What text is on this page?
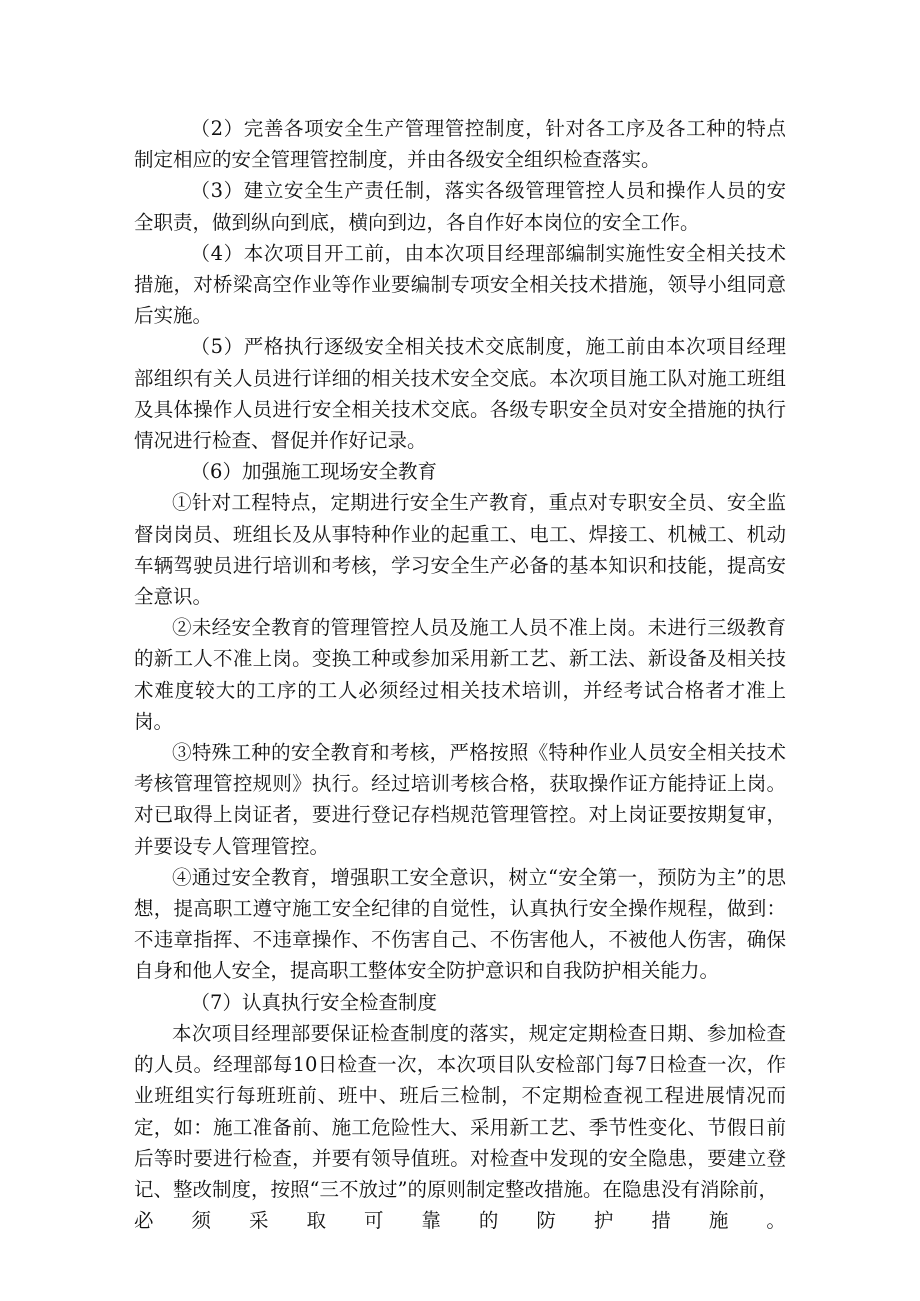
（2）完善各项安全生产管理管控制度，针对各工序及各工种的特点制定相应的安全管理管控制度，并由各级安全组织检查落实。

（3）建立安全生产责任制，落实各级管理管控人员和操作人员的安全职责，做到纵向到底，横向到边，各自作好本岗位的安全工作。

（4）本次项目开工前，由本次项目经理部编制实施性安全相关技术措施，对桥梁高空作业等作业要编制专项安全相关技术措施，领导小组同意后实施。

（5）严格执行逐级安全相关技术交底制度，施工前由本次项目经理部组织有关人员进行详细的相关技术安全交底。本次项目施工队对施工班组及具体操作人员进行安全相关技术交底。各级专职安全员对安全措施的执行情况进行检查、督促并作好记录。

（6）加强施工现场安全教育

①针对工程特点，定期进行安全生产教育，重点对专职安全员、安全监督岗岗员、班组长及从事特种作业的起重工、电工、焊接工、机械工、机动车辆驾驶员进行培训和考核，学习安全生产必备的基本知识和技能，提高安全意识。

②未经安全教育的管理管控人员及施工人员不准上岗。未进行三级教育的新工人不准上岗。变换工种或参加采用新工艺、新工法、新设备及相关技术难度较大的工序的工人必须经过相关技术培训，并经考试合格者才准上岗。

③特殊工种的安全教育和考核，严格按照《特种作业人员安全相关技术考核管理管控规则》执行。经过培训考核合格，获取操作证方能持证上岗。对已取得上岗证者，要进行登记存档规范管理管控。对上岗证要按期复审，并要设专人管理管控。

④通过安全教育，增强职工安全意识，树立“安全第一，预防为主”的思想，提高职工遵守施工安全纪律的自觉性，认真执行安全操作规程，做到：不违章指挥、不违章操作、不伤害自己、不伤害他人，不被他人伤害，确保自身和他人安全，提高职工整体安全防护意识和自我防护相关能力。

（7）认真执行安全检查制度

本次项目经理部要保证检查制度的落实，规定定期检查日期、参加检查的人员。经理部每10日检查一次，本次项目队安检部门每7日检查一次，作业班组实行每班班前、班中、班后三检制，不定期检查视工程进展情况而定，如：施工准备前、施工危险性大、采用新工艺、季节性变化、节假日前后等时要进行检查，并要有领导值班。对检查中发现的安全隐患，要建立登记、整改制度，按照“三不放过”的原则制定整改措施。在隐患没有消除前，

必 须 采 取 可 靠 的 防 护 措 施 。
